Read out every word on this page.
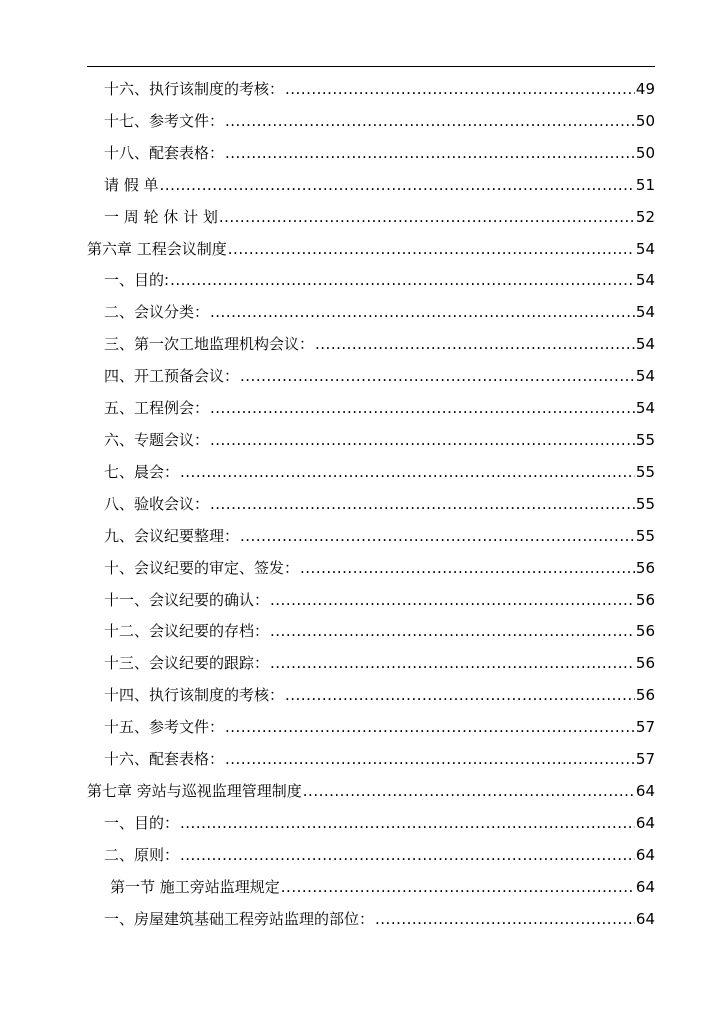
十六、执行该制度的考核： .....	49
十七、参考文件： .....	50
十八、配套表格： .....	50
请 假 单 .....	51
一 周 轮 休 计 划 .....	52
第六章 工程会议制度 .....	54
一、目的: .....	54
二、会议分类： .....	54
三、第一次工地监理机构会议： .....	54
四、开工预备会议： .....	54
五、工程例会： .....	54
六、专题会议： .....	55
七、晨会： .....	55
八、验收会议： .....	55
九、会议纪要整理： .....	55
十、会议纪要的审定、签发： .....	56
十一、会议纪要的确认： .....	56
十二、会议纪要的存档： .....	56
十三、会议纪要的跟踪： .....	56
十四、执行该制度的考核： .....	56
十五、参考文件： .....	57
十六、配套表格： .....	57
第七章 旁站与巡视监理管理制度 .....	64
一、目的： .....	64
二、原则： .....	64
第一节 施工旁站监理规定 .....	64
一、房屋建筑基础工程旁站监理的部位： .....	64
